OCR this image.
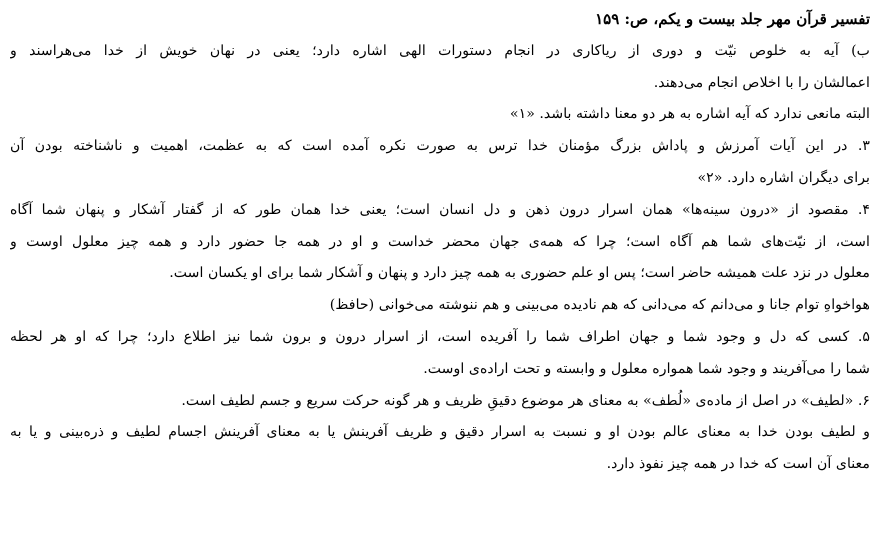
تفسیر قرآن مهر جلد بیست و یکم، ص: ۱۵۹
ب) آیه به خلوص نیّت و دوری از ریاکاری در انجام دستورات الهی اشاره دارد؛ یعنی در نهان خویش از خدا می‌هراسند و
اعمالشان را با اخلاص انجام می‌دهند.
البته مانعی ندارد که آیه اشاره به هر دو معنا داشته باشد. «۱»
۳. در این آیات آمرزش و پاداش بزرگ مؤمنان خدا ترس به صورت نکره آمده است که به عظمت، اهمیت و ناشناخته بودن آن
برای دیگران اشاره دارد. «۲»
۴. مقصود از «درون سینه‌ها» همان اسرار درون ذهن و دل انسان است؛ یعنی خدا همان طور که از گفتار آشکار و پنهان شما آگاه
است، از نیّت‌های شما هم آگاه است؛ چرا که همه‌ی جهان محضر خداست و او در همه جا حضور دارد و همه چیز معلول اوست و
معلول در نزد علت همیشه حاضر است؛ پس او علم حضوری به همه چیز دارد و پنهان و آشکار شما برای او یکسان است.
هواخواهِ توام جانا و می‌دانم که می‌دانی که هم نادیده می‌بینی و هم ننوشته می‌خوانی (حافظ)
۵. کسی که دل و وجود شما و جهان اطراف شما را آفریده است، از اسرار درون و برون شما نیز اطلاع دارد؛ چرا که او هر لحظه
شما را می‌آفریند و وجود شما همواره معلول و وابسته و تحت اراده‌ی اوست.
۶. «لطیف» در اصل از ماده‌ی «لُطف» به معنای هر موضوع دقیقِ ظریف و هر گونه حرکت سریع و جسم لطیف است.
و لطیف بودن خدا به معنای عالم بودن او و نسبت به اسرار دقیق و ظریف آفرینش یا به معنای آفرینش اجسام لطیف و ذره‌بینی و یا به
معنای آن است که خدا در همه چیز نفوذ دارد.
